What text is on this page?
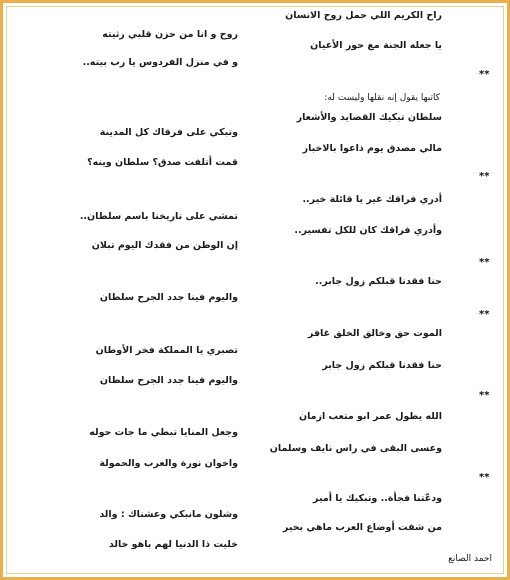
راح الكريم اللي حمل روح الانسان
روح و انا من حزن قلبي رثيته
يا جعله الجنة مع حور الأعيان
و في منزل الفردوس يا رب بيته..
**
كاتبها يقول إنه نقلها وليست له:
سلطان تبكيك القصايد والأشعار
وتبكي على فرقاك كل المدينة
مالي مصدق يوم ذاعوا بالاخبار
قمت أتلفت صدق؟ سلطان وينه؟
**
أدري فراقك غير يا قائلة خير..
تمشي على تاريخنا باسم سلطان..
وأدري فراقك كان للكل تفسير..
إن الوطن من فقدك اليوم تبلان
**
حنا فقدنا قبلكم زول جابر..
واليوم فينا جدد الجرح سلطان
**
الموت حق وخالق الخلق غافر
تصبري يا المملكة فخر الأوطان
حنا فقدنا قبلكم زول جابر
واليوم فينا جدد الجرح سلطان
**
الله يطول عمر ابو متعب ازمان
وجعل المنايا تبطي ما جات حوله
وعسى البقى في راس نايف وسلمان
واخوان نورة والعرب والحمولة
**
ودعّتنا فجأة.. وتبكيك يا أمير
وشلون مانبكي وعشناك : والد
من شفت أوضاع العرب ماهي بخير
خليت ذا الدنيا لهم باهو خالد
احمد الصانع
